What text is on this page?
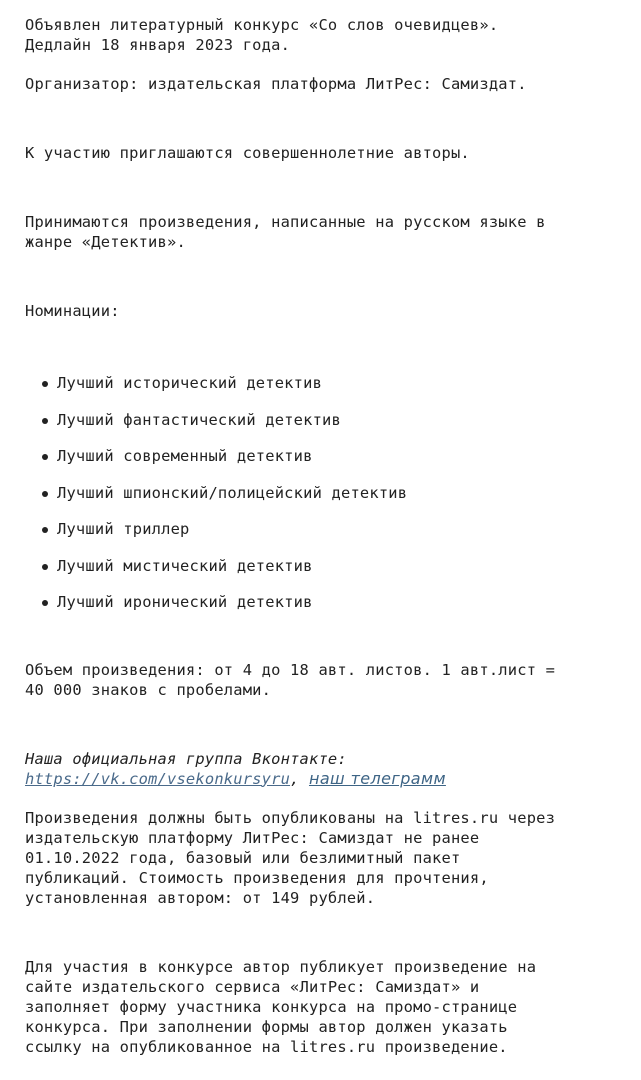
Объявлен литературный конкурс «Со слов очевидцев».

Дедлайн 18 января 2023 года.

Организатор: издательская платформа ЛитРес: Самиздат.

К участию приглашаются совершеннолетние авторы.

Принимаются произведения, написанные на русском языке в

жанре «Детектив».

Номинации:

Лучший исторический детектив
Лучший фантастический детектив
Лучший современный детектив
Лучший шпионский/полицейский детектив
Лучший триллер
Лучший мистический детектив
Лучший иронический детектив

Объем произведения: от 4 до 18 авт. листов. 1 авт.лист =

40 000 знаков с пробелами.

Наша официальная группа Вконтакте:

https://vk.com/vsekonkursyru, наш телеграмм

Произведения должны быть опубликованы на litres.ru через

издательскую платформу ЛитРес: Самиздат не ранее

01.10.2022 года, базовый или безлимитный пакет

публикаций. Стоимость произведения для прочтения,

установленная автором: от 149 рублей.

Для участия в конкурсе автор публикует произведение на

сайте издательского сервиса «ЛитРес: Самиздат» и

заполняет форму участника конкурса на промо-странице

конкурса. При заполнении формы автор должен указать

ссылку на опубликованное на litres.ru произведение.
